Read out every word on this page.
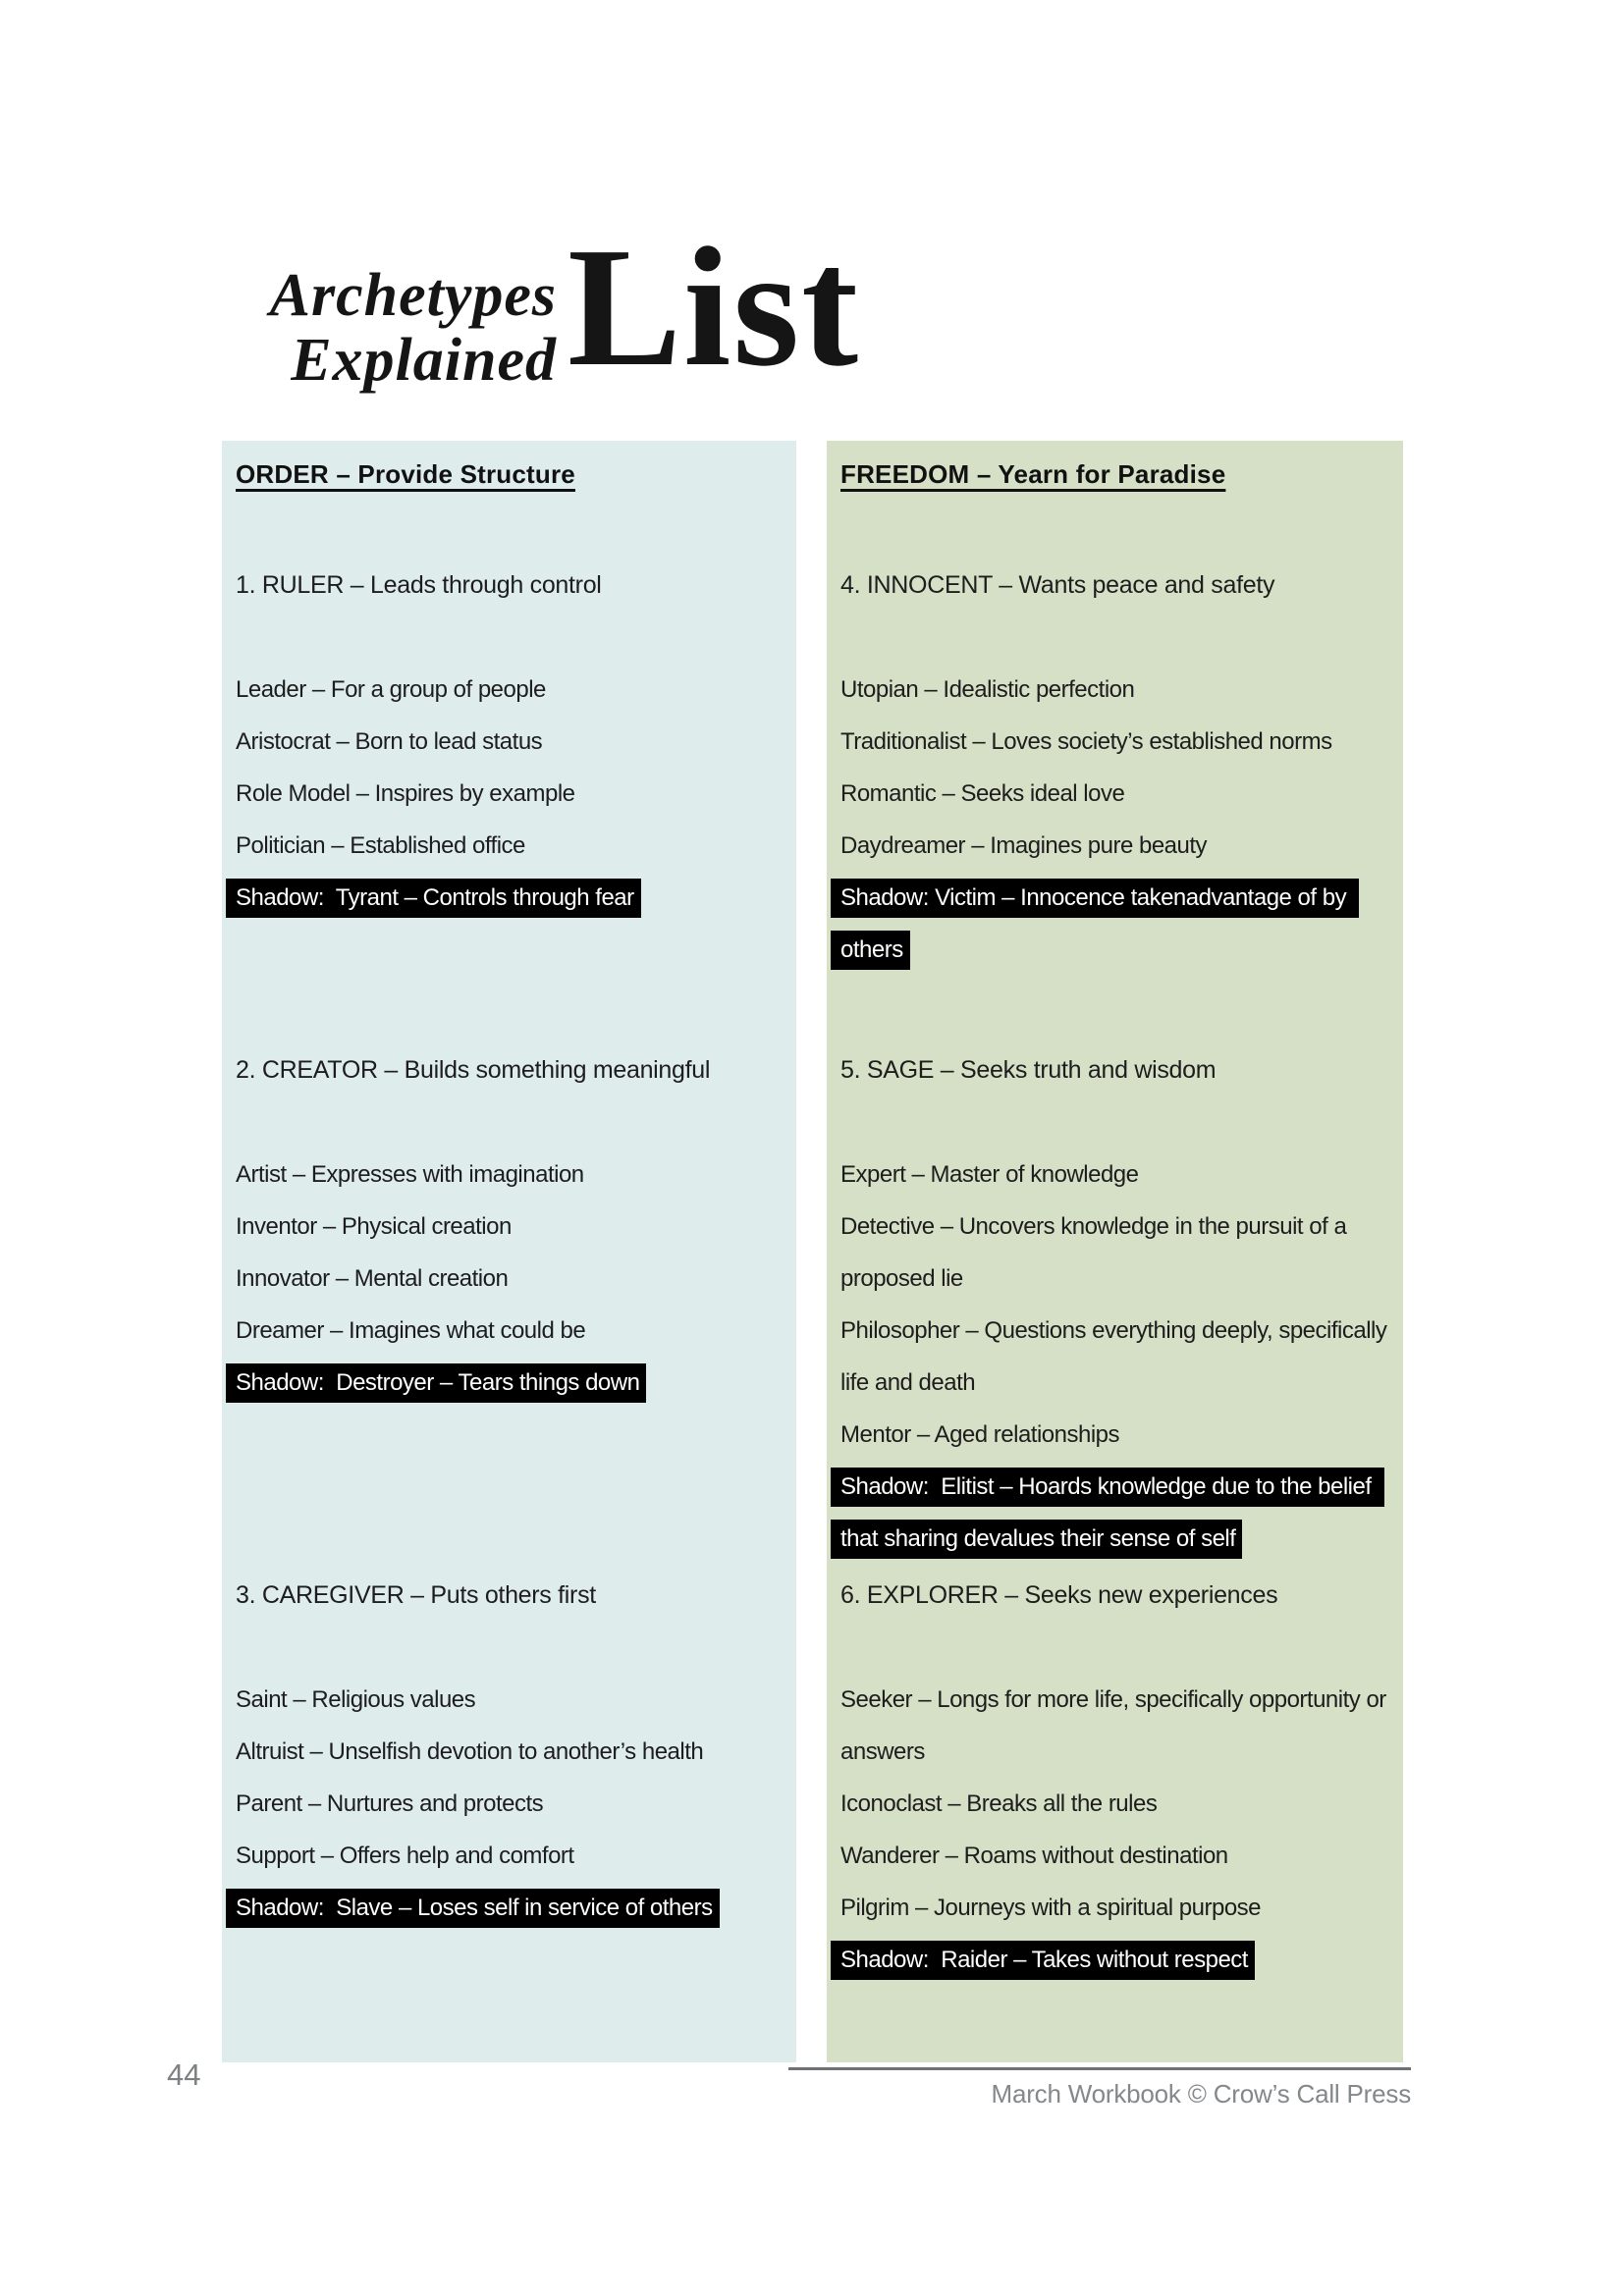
Archetypes
Explained List
ORDER – Provide Structure
1. RULER – Leads through control
Leader – For a group of people
Aristocrat – Born to lead status
Role Model – Inspires by example
Politician – Established office
Shadow:  Tyrant – Controls through fear
2. CREATOR – Builds something meaningful
Artist – Expresses with imagination
Inventor – Physical creation
Innovator – Mental creation
Dreamer – Imagines what could be
Shadow:  Destroyer – Tears things down
3. CAREGIVER – Puts others first
Saint – Religious values
Altruist – Unselfish devotion to another’s health
Parent – Nurtures and protects
Support – Offers help and comfort
Shadow:  Slave – Loses self in service of others
FREEDOM – Yearn for Paradise
4. INNOCENT – Wants peace and safety
Utopian – Idealistic perfection
Traditionalist – Loves society’s established norms
Romantic – Seeks ideal love
Daydreamer – Imagines pure beauty
Shadow: Victim – Innocence takenadvantage of by others
5. SAGE – Seeks truth and wisdom
Expert – Master of knowledge
Detective – Uncovers knowledge in the pursuit of a proposed lie
Philosopher – Questions everything deeply, specifically life and death
Mentor – Aged relationships
Shadow:  Elitist – Hoards knowledge due to the belief that sharing devalues their sense of self
6. EXPLORER – Seeks new experiences
Seeker – Longs for more life, specifically opportunity or answers
Iconoclast – Breaks all the rules
Wanderer – Roams without destination
Pilgrim – Journeys with a spiritual purpose
Shadow:  Raider – Takes without respect
44
March Workbook © Crow’s Call Press
